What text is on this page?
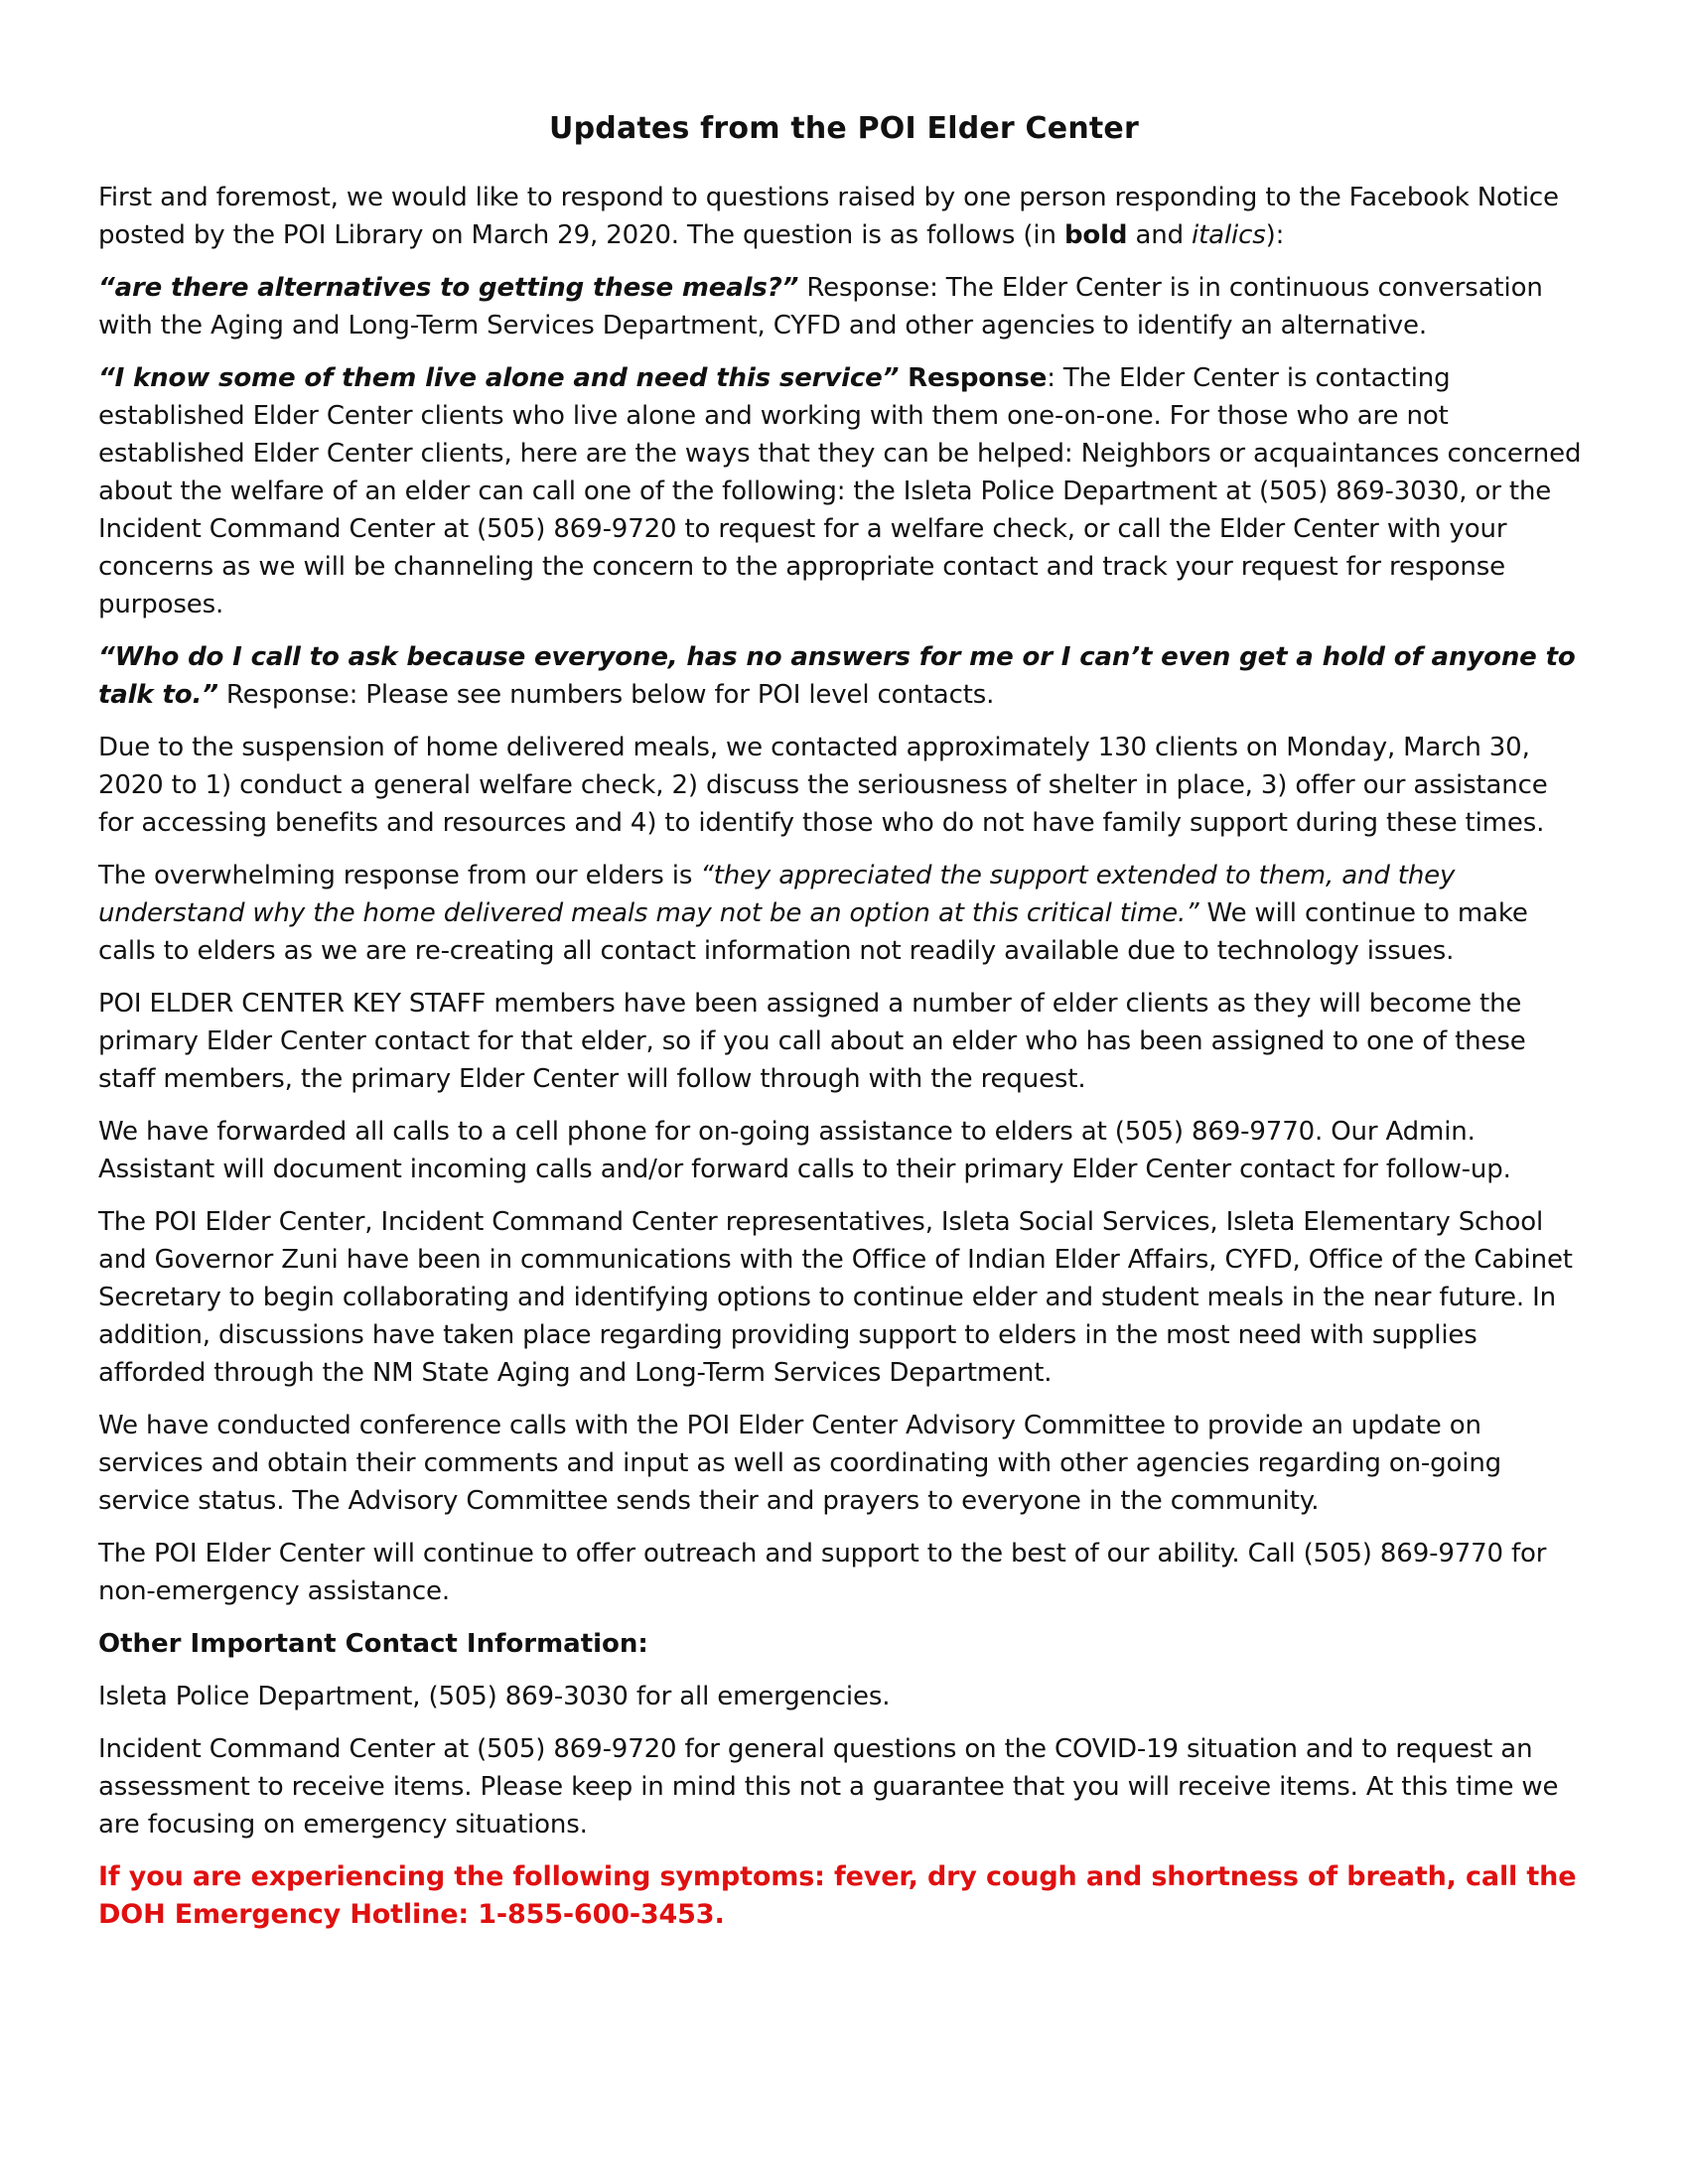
Updates from the POI Elder Center

First and foremost, we would like to respond to questions raised by one person responding to the Facebook Notice posted by the POI Library on March 29, 2020. The question is as follows (in bold and italics):

“are there alternatives to getting these meals?” Response: The Elder Center is in continuous conversation with the Aging and Long-Term Services Department, CYFD and other agencies to identify an alternative.

“I know some of them live alone and need this service” Response: The Elder Center is contacting established Elder Center clients who live alone and working with them one-on-one. For those who are not established Elder Center clients, here are the ways that they can be helped: Neighbors or acquaintances concerned about the welfare of an elder can call one of the following: the Isleta Police Department at (505) 869-3030, or the Incident Command Center at (505) 869-9720 to request for a welfare check, or call the Elder Center with your concerns as we will be channeling the concern to the appropriate contact and track your request for response purposes.

“Who do I call to ask because everyone, has no answers for me or I can’t even get a hold of anyone to talk to.” Response: Please see numbers below for POI level contacts.

Due to the suspension of home delivered meals, we contacted approximately 130 clients on Monday, March 30, 2020 to 1) conduct a general welfare check, 2) discuss the seriousness of shelter in place, 3) offer our assistance for accessing benefits and resources and 4) to identify those who do not have family support during these times.

The overwhelming response from our elders is “they appreciated the support extended to them, and they understand why the home delivered meals may not be an option at this critical time.” We will continue to make calls to elders as we are re-creating all contact information not readily available due to technology issues.

POI ELDER CENTER KEY STAFF members have been assigned a number of elder clients as they will become the primary Elder Center contact for that elder, so if you call about an elder who has been assigned to one of these staff members, the primary Elder Center will follow through with the request.

We have forwarded all calls to a cell phone for on-going assistance to elders at (505) 869-9770. Our Admin. Assistant will document incoming calls and/or forward calls to their primary Elder Center contact for follow-up.

The POI Elder Center, Incident Command Center representatives, Isleta Social Services, Isleta Elementary School and Governor Zuni have been in communications with the Office of Indian Elder Affairs, CYFD, Office of the Cabinet Secretary to begin collaborating and identifying options to continue elder and student meals in the near future. In addition, discussions have taken place regarding providing support to elders in the most need with supplies afforded through the NM State Aging and Long-Term Services Department.

We have conducted conference calls with the POI Elder Center Advisory Committee to provide an update on services and obtain their comments and input as well as coordinating with other agencies regarding on-going service status. The Advisory Committee sends their and prayers to everyone in the community.

The POI Elder Center will continue to offer outreach and support to the best of our ability. Call (505) 869-9770 for non-emergency assistance.

Other Important Contact Information:

Isleta Police Department, (505) 869-3030 for all emergencies.

Incident Command Center at (505) 869-9720 for general questions on the COVID-19 situation and to request an assessment to receive items. Please keep in mind this not a guarantee that you will receive items. At this time we are focusing on emergency situations.

If you are experiencing the following symptoms: fever, dry cough and shortness of breath, call the DOH Emergency Hotline: 1-855-600-3453.
